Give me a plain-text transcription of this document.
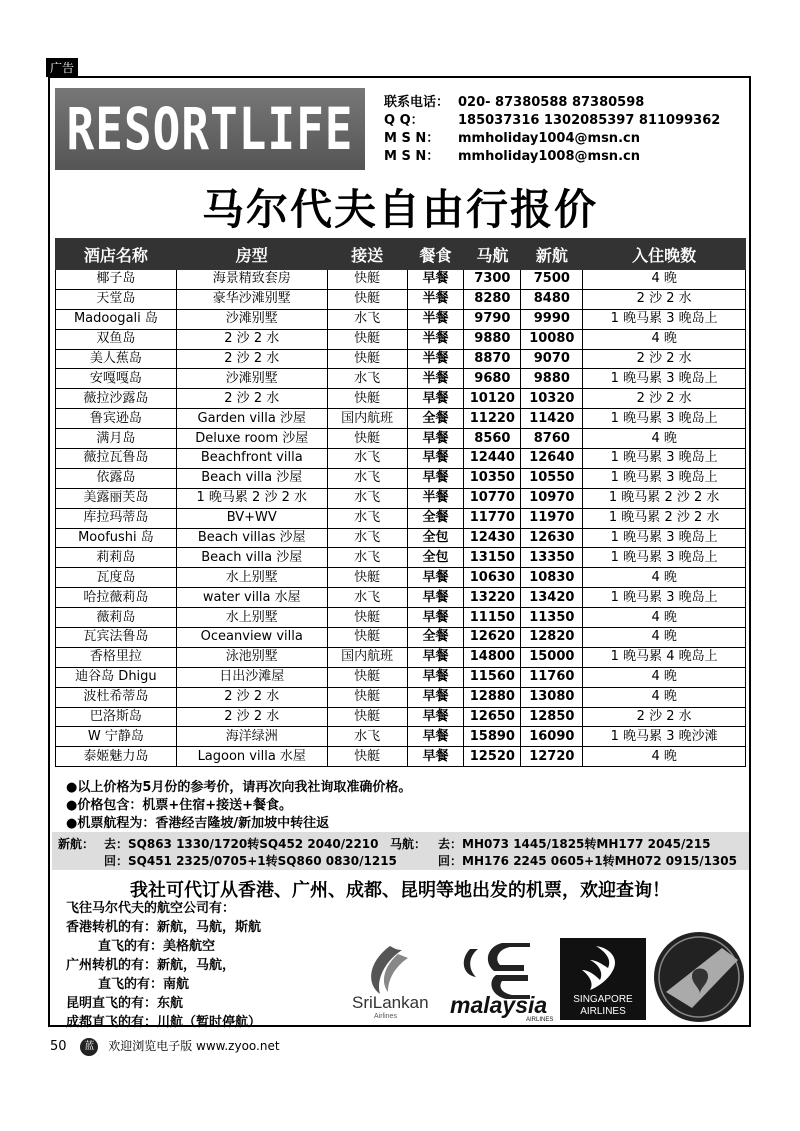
广告
RESORTLIFE 联系电话： 020- 87380588 87380598
Q Q：	185037316 1302085397 811099362
M S N： mmholiday1004@msn.cn
M S N： mmholiday1008@msn.cn
马尔代夫自由行报价
酒店名称	房型	接送	餐食	马航	新航	入住晚数
椰子岛	海景精致套房	快艇	早餐	7300	7500	4 晚
天堂岛	豪华沙滩别墅	快艇	半餐	8280	8480	2 沙 2 水
Madoogali 岛	沙滩别墅	水飞	半餐	9790	9990	1 晚马累 3 晚岛上
双鱼岛	2 沙 2 水	快艇	半餐	9880	10080	4 晚
美人蕉岛	2 沙 2 水	快艇	半餐	8870	9070	2 沙 2 水
安嘎嘎岛	沙滩别墅	水飞	半餐	9680	9880	1 晚马累 3 晚岛上
薇拉沙露岛	2 沙 2 水	快艇	早餐	10120	10320	2 沙 2 水
鲁宾逊岛	Garden villa 沙屋	国内航班	全餐	11220	11420	1 晚马累 3 晚岛上
满月岛	Deluxe room 沙屋	快艇	早餐	8560	8760	4 晚
薇拉瓦鲁岛	Beachfront villa	水飞	早餐	12440	12640	1 晚马累 3 晚岛上
依露岛	Beach villa 沙屋	水飞	早餐	10350	10550	1 晚马累 3 晚岛上
美露丽芙岛	1 晚马累 2 沙 2 水	水飞	半餐	10770	10970	1 晚马累 2 沙 2 水
库拉玛蒂岛	BV+WV	水飞	全餐	11770	11970	1 晚马累 2 沙 2 水
Moofushi 岛	Beach villas 沙屋	水飞	全包	12430	12630	1 晚马累 3 晚岛上
莉莉岛	Beach villa 沙屋	水飞	全包	13150	13350	1 晚马累 3 晚岛上
瓦度岛	水上别墅	快艇	早餐	10630	10830	4 晚
哈拉薇莉岛	water villa 水屋	水飞	早餐	13220	13420	1 晚马累 3 晚岛上
薇莉岛	水上别墅	快艇	早餐	11150	11350	4 晚
瓦宾法鲁岛	Oceanview villa	快艇	全餐	12620	12820	4 晚
香格里拉	泳池别墅	国内航班	早餐	14800	15000	1 晚马累 4 晚岛上
迪谷岛 Dhigu	日出沙滩屋	快艇	早餐	11560	11760	4 晚
波杜希蒂岛	2 沙 2 水	快艇	早餐	12880	13080	4 晚
巴洛斯岛	2 沙 2 水	快艇	早餐	12650	12850	2 沙 2 水
W 宁静岛	海洋绿洲	水飞	早餐	15890	16090	1 晚马累 3 晚沙滩
泰姬魅力岛	Lagoon villa 水屋	快艇	早餐	12520	12720	4 晚
●以上价格为5月份的参考价，请再次向我社询取准确价格。
●价格包含：机票+住宿+接送+餐食。
●机票航程为：香港经吉隆坡/新加坡中转往返
新航： 去：SQ863 1330/1720转SQ452 2040/2210
回：SQ451 2325/0705+1转SQ860 0830/1215
马航： 去：MH073 1445/1825转MH177 2045/215
回：MH176 2245 0605+1转MH072 0915/1305
我社可代订从香港、广州、成都、昆明等地出发的机票，欢迎查询！
飞往马尔代夫的航空公司有：
香港转机的有：新航，马航，斯航
直飞的有：美格航空
广州转机的有：新航，马航，
直飞的有：南航
昆明直飞的有：东航
成都直飞的有：川航（暂时停航）
SriLankan
Airlines malaysia
AIRLINES
SINGAPORE
AIRLINES
50 蓝 欢迎浏览电子版 www.zyoo.net
